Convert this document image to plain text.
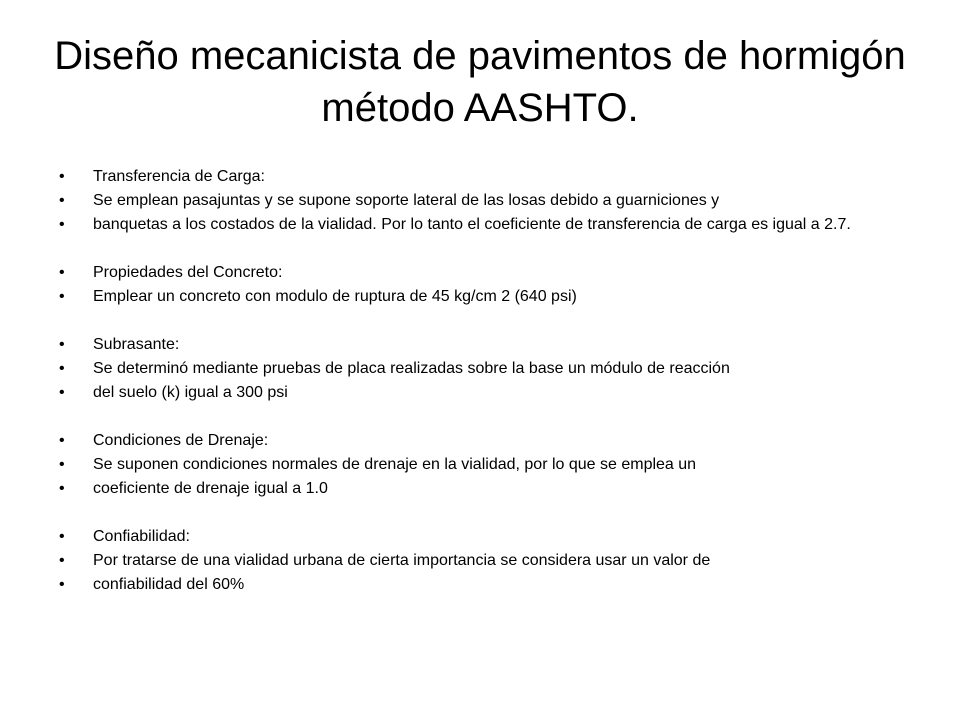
Diseño mecanicista de pavimentos de hormigón método AASHTO.
•	Transferencia de Carga:
•	Se emplean pasajuntas y se supone soporte lateral de las losas debido a guarniciones y
•	banquetas a los costados de la vialidad. Por lo tanto el coeficiente de transferencia de carga es igual a 2.7.
•	Propiedades del Concreto:
•	Emplear un concreto con modulo de ruptura de 45 kg/cm 2 (640 psi)
•	Subrasante:
•	Se determinó mediante pruebas de placa realizadas sobre la base un módulo de reacción
•	del suelo (k) igual a 300 psi
•	Condiciones de Drenaje:
•	Se suponen condiciones normales de drenaje en la vialidad, por lo que se emplea un
•	coeficiente de drenaje igual a 1.0
•	Confiabilidad:
•	Por tratarse de una vialidad urbana de cierta importancia se considera usar un valor de
•	confiabilidad del 60%
